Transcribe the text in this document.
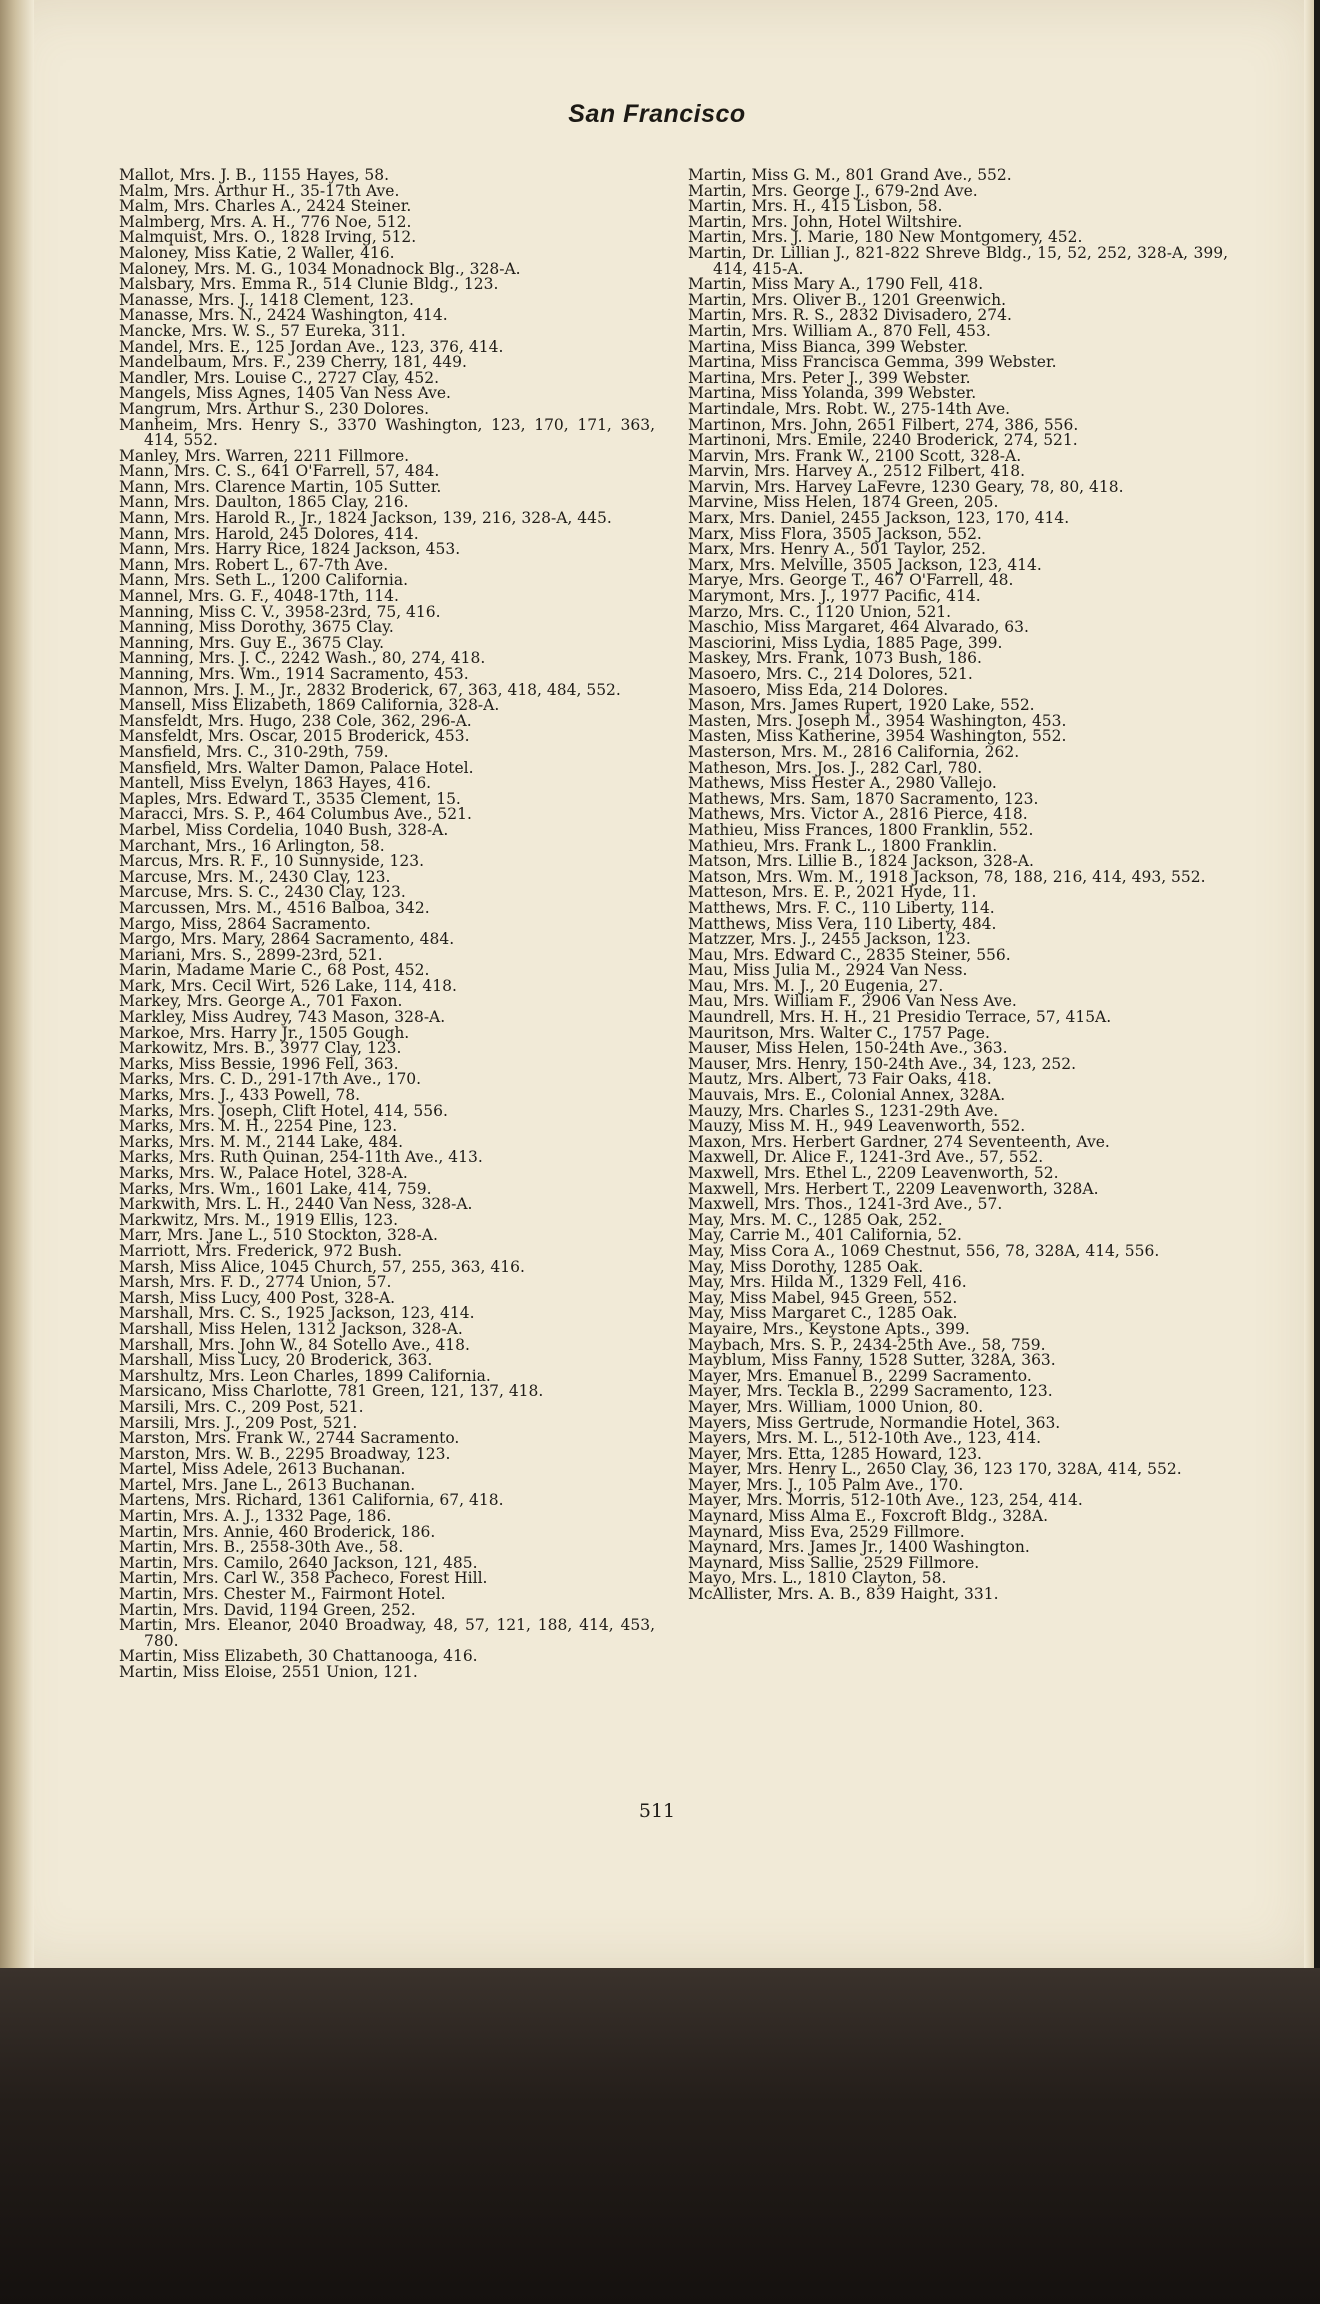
San Francisco
Mallot, Mrs. J. B., 1155 Hayes, 58.
Malm, Mrs. Arthur H., 35-17th Ave.
Malm, Mrs. Charles A., 2424 Steiner.
Malmberg, Mrs. A. H., 776 Noe, 512.
Malmquist, Mrs. O., 1828 Irving, 512.
Maloney, Miss Katie, 2 Waller, 416.
Maloney, Mrs. M. G., 1034 Monadnock Blg., 328-A.
Malsbary, Mrs. Emma R., 514 Clunie Bldg., 123.
Manasse, Mrs. J., 1418 Clement, 123.
Manasse, Mrs. N., 2424 Washington, 414.
Mancke, Mrs. W. S., 57 Eureka, 311.
Mandel, Mrs. E., 125 Jordan Ave., 123, 376, 414.
Mandelbaum, Mrs. F., 239 Cherry, 181, 449.
Mandler, Mrs. Louise C., 2727 Clay, 452.
Mangels, Miss Agnes, 1405 Van Ness Ave.
Mangrum, Mrs. Arthur S., 230 Dolores.
Manheim, Mrs. Henry S., 3370 Washington, 123, 170, 171, 363, 414, 552.
Manley, Mrs. Warren, 2211 Fillmore.
Mann, Mrs. C. S., 641 O'Farrell, 57, 484.
Mann, Mrs. Clarence Martin, 105 Sutter.
Mann, Mrs. Daulton, 1865 Clay, 216.
Mann, Mrs. Harold R., Jr., 1824 Jackson, 139, 216, 328-A, 445.
Mann, Mrs. Harold, 245 Dolores, 414.
Mann, Mrs. Harry Rice, 1824 Jackson, 453.
Mann, Mrs. Robert L., 67-7th Ave.
Mann, Mrs. Seth L., 1200 California.
Mannel, Mrs. G. F., 4048-17th, 114.
Manning, Miss C. V., 3958-23rd, 75, 416.
Manning, Miss Dorothy, 3675 Clay.
Manning, Mrs. Guy E., 3675 Clay.
Manning, Mrs. J. C., 2242 Wash., 80, 274, 418.
Manning, Mrs. Wm., 1914 Sacramento, 453.
Mannon, Mrs. J. M., Jr., 2832 Broderick, 67, 363, 418, 484, 552.
Mansell, Miss Elizabeth, 1869 California, 328-A.
Mansfeldt, Mrs. Hugo, 238 Cole, 362, 296-A.
Mansfeldt, Mrs. Oscar, 2015 Broderick, 453.
Mansfield, Mrs. C., 310-29th, 759.
Mansfield, Mrs. Walter Damon, Palace Hotel.
Mantell, Miss Evelyn, 1863 Hayes, 416.
Maples, Mrs. Edward T., 3535 Clement, 15.
Maracci, Mrs. S. P., 464 Columbus Ave., 521.
Marbel, Miss Cordelia, 1040 Bush, 328-A.
Marchant, Mrs., 16 Arlington, 58.
Marcus, Mrs. R. F., 10 Sunnyside, 123.
Marcuse, Mrs. M., 2430 Clay, 123.
Marcuse, Mrs. S. C., 2430 Clay, 123.
Marcussen, Mrs. M., 4516 Balboa, 342.
Margo, Miss, 2864 Sacramento.
Margo, Mrs. Mary, 2864 Sacramento, 484.
Mariani, Mrs. S., 2899-23rd, 521.
Marin, Madame Marie C., 68 Post, 452.
Mark, Mrs. Cecil Wirt, 526 Lake, 114, 418.
Markey, Mrs. George A., 701 Faxon.
Markley, Miss Audrey, 743 Mason, 328-A.
Markoe, Mrs. Harry Jr., 1505 Gough.
Markowitz, Mrs. B., 3977 Clay, 123.
Marks, Miss Bessie, 1996 Fell, 363.
Marks, Mrs. C. D., 291-17th Ave., 170.
Marks, Mrs. J., 433 Powell, 78.
Marks, Mrs. Joseph, Clift Hotel, 414, 556.
Marks, Mrs. M. H., 2254 Pine, 123.
Marks, Mrs. M. M., 2144 Lake, 484.
Marks, Mrs. Ruth Quinan, 254-11th Ave., 413.
Marks, Mrs. W., Palace Hotel, 328-A.
Marks, Mrs. Wm., 1601 Lake, 414, 759.
Markwith, Mrs. L. H., 2440 Van Ness, 328-A.
Markwitz, Mrs. M., 1919 Ellis, 123.
Marr, Mrs. Jane L., 510 Stockton, 328-A.
Marriott, Mrs. Frederick, 972 Bush.
Marsh, Miss Alice, 1045 Church, 57, 255, 363, 416.
Marsh, Mrs. F. D., 2774 Union, 57.
Marsh, Miss Lucy, 400 Post, 328-A.
Marshall, Mrs. C. S., 1925 Jackson, 123, 414.
Marshall, Miss Helen, 1312 Jackson, 328-A.
Marshall, Mrs. John W., 84 Sotello Ave., 418.
Marshall, Miss Lucy, 20 Broderick, 363.
Marshultz, Mrs. Leon Charles, 1899 California.
Marsicano, Miss Charlotte, 781 Green, 121, 137, 418.
Marsili, Mrs. C., 209 Post, 521.
Marsili, Mrs. J., 209 Post, 521.
Marston, Mrs. Frank W., 2744 Sacramento.
Marston, Mrs. W. B., 2295 Broadway, 123.
Martel, Miss Adele, 2613 Buchanan.
Martel, Mrs. Jane L., 2613 Buchanan.
Martens, Mrs. Richard, 1361 California, 67, 418.
Martin, Mrs. A. J., 1332 Page, 186.
Martin, Mrs. Annie, 460 Broderick, 186.
Martin, Mrs. B., 2558-30th Ave., 58.
Martin, Mrs. Camilo, 2640 Jackson, 121, 485.
Martin, Mrs. Carl W., 358 Pacheco, Forest Hill.
Martin, Mrs. Chester M., Fairmont Hotel.
Martin, Mrs. David, 1194 Green, 252.
Martin, Mrs. Eleanor, 2040 Broadway, 48, 57, 121, 188, 414, 453, 780.
Martin, Miss Elizabeth, 30 Chattanooga, 416.
Martin, Miss Eloise, 2551 Union, 121.
Martin, Miss G. M., 801 Grand Ave., 552.
Martin, Mrs. George J., 679-2nd Ave.
Martin, Mrs. H., 415 Lisbon, 58.
Martin, Mrs. John, Hotel Wiltshire.
Martin, Mrs. J. Marie, 180 New Montgomery, 452.
Martin, Dr. Lillian J., 821-822 Shreve Bldg., 15, 52, 252, 328-A, 399, 414, 415-A.
Martin, Miss Mary A., 1790 Fell, 418.
Martin, Mrs. Oliver B., 1201 Greenwich.
Martin, Mrs. R. S., 2832 Divisadero, 274.
Martin, Mrs. William A., 870 Fell, 453.
Martina, Miss Bianca, 399 Webster.
Martina, Miss Francisca Gemma, 399 Webster.
Martina, Mrs. Peter J., 399 Webster.
Martina, Miss Yolanda, 399 Webster.
Martindale, Mrs. Robt. W., 275-14th Ave.
Martinon, Mrs. John, 2651 Filbert, 274, 386, 556.
Martinoni, Mrs. Emile, 2240 Broderick, 274, 521.
Marvin, Mrs. Frank W., 2100 Scott, 328-A.
Marvin, Mrs. Harvey A., 2512 Filbert, 418.
Marvin, Mrs. Harvey LaFevre, 1230 Geary, 78, 80, 418.
Marvine, Miss Helen, 1874 Green, 205.
Marx, Mrs. Daniel, 2455 Jackson, 123, 170, 414.
Marx, Miss Flora, 3505 Jackson, 552.
Marx, Mrs. Henry A., 501 Taylor, 252.
Marx, Mrs. Melville, 3505 Jackson, 123, 414.
Marye, Mrs. George T., 467 O'Farrell, 48.
Marymont, Mrs. J., 1977 Pacific, 414.
Marzo, Mrs. C., 1120 Union, 521.
Maschio, Miss Margaret, 464 Alvarado, 63.
Masciorini, Miss Lydia, 1885 Page, 399.
Maskey, Mrs. Frank, 1073 Bush, 186.
Masoero, Mrs. C., 214 Dolores, 521.
Masoero, Miss Eda, 214 Dolores.
Mason, Mrs. James Rupert, 1920 Lake, 552.
Masten, Mrs. Joseph M., 3954 Washington, 453.
Masten, Miss Katherine, 3954 Washington, 552.
Masterson, Mrs. M., 2816 California, 262.
Matheson, Mrs. Jos. J., 282 Carl, 780.
Mathews, Miss Hester A., 2980 Vallejo.
Mathews, Mrs. Sam, 1870 Sacramento, 123.
Mathews, Mrs. Victor A., 2816 Pierce, 418.
Mathieu, Miss Frances, 1800 Franklin, 552.
Mathieu, Mrs. Frank L., 1800 Franklin.
Matson, Mrs. Lillie B., 1824 Jackson, 328-A.
Matson, Mrs. Wm. M., 1918 Jackson, 78, 188, 216, 414, 493, 552.
Matteson, Mrs. E. P., 2021 Hyde, 11.
Matthews, Mrs. F. C., 110 Liberty, 114.
Matthews, Miss Vera, 110 Liberty, 484.
Matzzer, Mrs. J., 2455 Jackson, 123.
Mau, Mrs. Edward C., 2835 Steiner, 556.
Mau, Miss Julia M., 2924 Van Ness.
Mau, Mrs. M. J., 20 Eugenia, 27.
Mau, Mrs. William F., 2906 Van Ness Ave.
Maundrell, Mrs. H. H., 21 Presidio Terrace, 57, 415A.
Mauritson, Mrs. Walter C., 1757 Page.
Mauser, Miss Helen, 150-24th Ave., 363.
Mauser, Mrs. Henry, 150-24th Ave., 34, 123, 252.
Mautz, Mrs. Albert, 73 Fair Oaks, 418.
Mauvais, Mrs. E., Colonial Annex, 328A.
Mauzy, Mrs. Charles S., 1231-29th Ave.
Mauzy, Miss M. H., 949 Leavenworth, 552.
Maxon, Mrs. Herbert Gardner, 274 Seventeenth, Ave.
Maxwell, Dr. Alice F., 1241-3rd Ave., 57, 552.
Maxwell, Mrs. Ethel L., 2209 Leavenworth, 52.
Maxwell, Mrs. Herbert T., 2209 Leavenworth, 328A.
Maxwell, Mrs. Thos., 1241-3rd Ave., 57.
May, Mrs. M. C., 1285 Oak, 252.
May, Carrie M., 401 California, 52.
May, Miss Cora A., 1069 Chestnut, 556, 78, 328A, 414, 556.
May, Miss Dorothy, 1285 Oak.
May, Mrs. Hilda M., 1329 Fell, 416.
May, Miss Mabel, 945 Green, 552.
May, Miss Margaret C., 1285 Oak.
Mayaire, Mrs., Keystone Apts., 399.
Maybach, Mrs. S. P., 2434-25th Ave., 58, 759.
Mayblum, Miss Fanny, 1528 Sutter, 328A, 363.
Mayer, Mrs. Emanuel B., 2299 Sacramento.
Mayer, Mrs. Teckla B., 2299 Sacramento, 123.
Mayer, Mrs. William, 1000 Union, 80.
Mayers, Miss Gertrude, Normandie Hotel, 363.
Mayers, Mrs. M. L., 512-10th Ave., 123, 414.
Mayer, Mrs. Etta, 1285 Howard, 123.
Mayer, Mrs. Henry L., 2650 Clay, 36, 123 170, 328A, 414, 552.
Mayer, Mrs. J., 105 Palm Ave., 170.
Mayer, Mrs. Morris, 512-10th Ave., 123, 254, 414.
Maynard, Miss Alma E., Foxcroft Bldg., 328A.
Maynard, Miss Eva, 2529 Fillmore.
Maynard, Mrs. James Jr., 1400 Washington.
Maynard, Miss Sallie, 2529 Fillmore.
Mayo, Mrs. L., 1810 Clayton, 58.
McAllister, Mrs. A. B., 839 Haight, 331.

511
